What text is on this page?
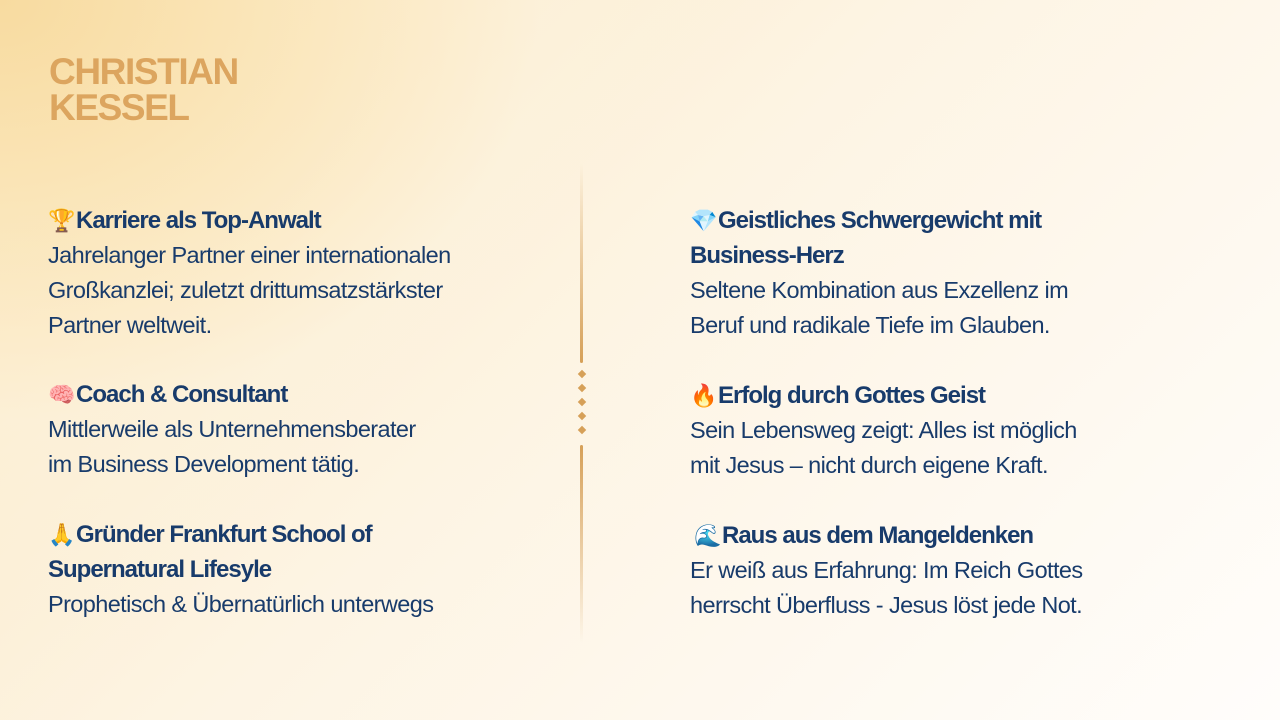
CHRISTIAN
KESSEL

🏆Karriere als Top-Anwalt

Jahrelanger Partner einer internationalen
Großkanzlei; zuletzt drittumsatzstärkster
Partner weltweit.

🧠Coach & Consultant

Mittlerweile als Unternehmensberater
im Business Development tätig.

🙏Gründer Frankfurt School of
Supernatural Lifesyle

Prophetisch & Übernatürlich unterwegs

💎Geistliches Schwergewicht mit
Business-Herz

Seltene Kombination aus Exzellenz im
Beruf und radikale Tiefe im Glauben.

🔥Erfolg durch Gottes Geist

Sein Lebensweg zeigt: Alles ist möglich
mit Jesus – nicht durch eigene Kraft.

🌊Raus aus dem Mangeldenken

Er weiß aus Erfahrung: Im Reich Gottes
herrscht Überfluss - Jesus löst jede Not.
